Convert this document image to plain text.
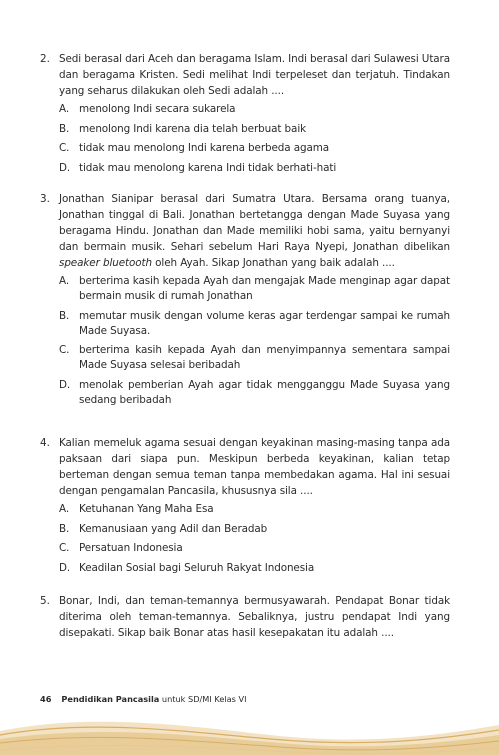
2. Sedi berasal dari Aceh dan beragama Islam. Indi berasal dari Sulawesi Utara dan beragama Kristen. Sedi melihat Indi terpeleset dan terjatuh. Tindakan yang seharus dilakukan oleh Sedi adalah ....

A. menolong Indi secara sukarela
B. menolong Indi karena dia telah berbuat baik
C. tidak mau menolong Indi karena berbeda agama
D. tidak mau menolong karena Indi tidak berhati-hati
3. Jonathan Sianipar berasal dari Sumatra Utara. Bersama orang tuanya, Jonathan tinggal di Bali. Jonathan bertetangga dengan Made Suyasa yang beragama Hindu. Jonathan dan Made memiliki hobi sama, yaitu bernyanyi dan bermain musik. Sehari sebelum Hari Raya Nyepi, Jonathan dibelikan speaker bluetooth oleh Ayah. Sikap Jonathan yang baik adalah ....

A. berterima kasih kepada Ayah dan mengajak Made menginap agar dapat bermain musik di rumah Jonathan
B. memutar musik dengan volume keras agar terdengar sampai ke rumah Made Suyasa.
C. berterima kasih kepada Ayah dan menyimpannya sementara sampai Made Suyasa selesai beribadah
D. menolak pemberian Ayah agar tidak mengganggu Made Suyasa yang sedang beribadah
4. Kalian memeluk agama sesuai dengan keyakinan masing-masing tanpa ada paksaan dari siapa pun. Meskipun berbeda keyakinan, kalian tetap berteman dengan semua teman tanpa membedakan agama. Hal ini sesuai dengan pengamalan Pancasila, khususnya sila ....

A. Ketuhanan Yang Maha Esa
B. Kemanusiaan yang Adil dan Beradab
C. Persatuan Indonesia
D. Keadilan Sosial bagi Seluruh Rakyat Indonesia
5. Bonar, Indi, dan teman-temannya bermusyawarah. Pendapat Bonar tidak diterima oleh teman-temannya. Sebaliknya, justru pendapat Indi yang disepakati. Sikap baik Bonar atas hasil kesepakatan itu adalah ....

46 Pendidikan Pancasila untuk SD/MI Kelas VI
